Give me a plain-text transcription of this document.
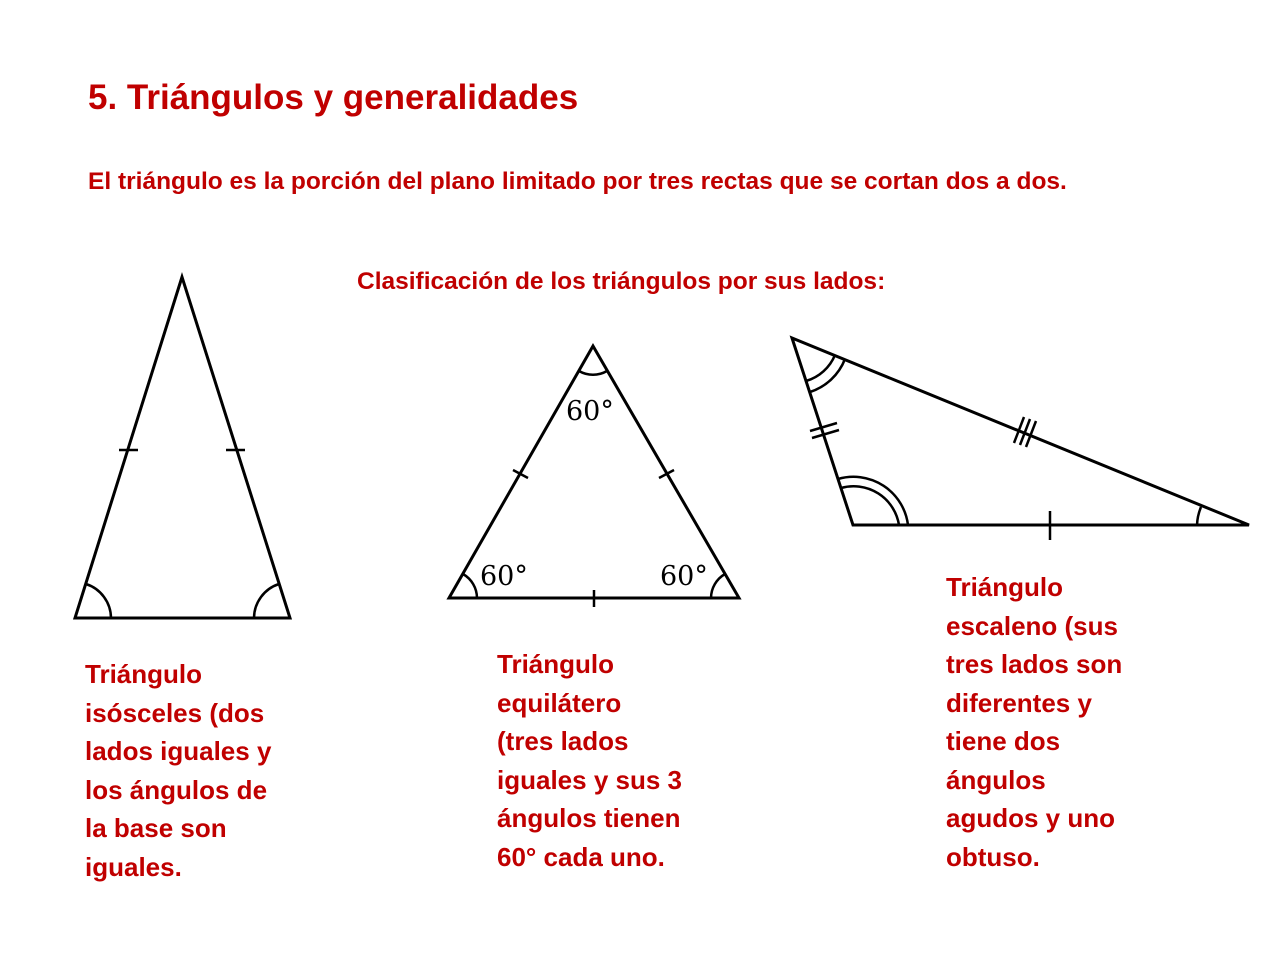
5. Triángulos y generalidades

El triángulo es la porción del plano limitado por tres rectas que se cortan dos a dos.

Clasificación de los triángulos por sus lados:

60°
60°	60°
Triángulo
isósceles (dos
lados iguales y
los ángulos de
la base son
iguales.
Triángulo
equilátero
(tres lados
iguales y sus 3
ángulos tienen
60° cada uno.
Triángulo
escaleno (sus
tres lados son
diferentes y
tiene dos
ángulos
agudos y uno
obtuso.
